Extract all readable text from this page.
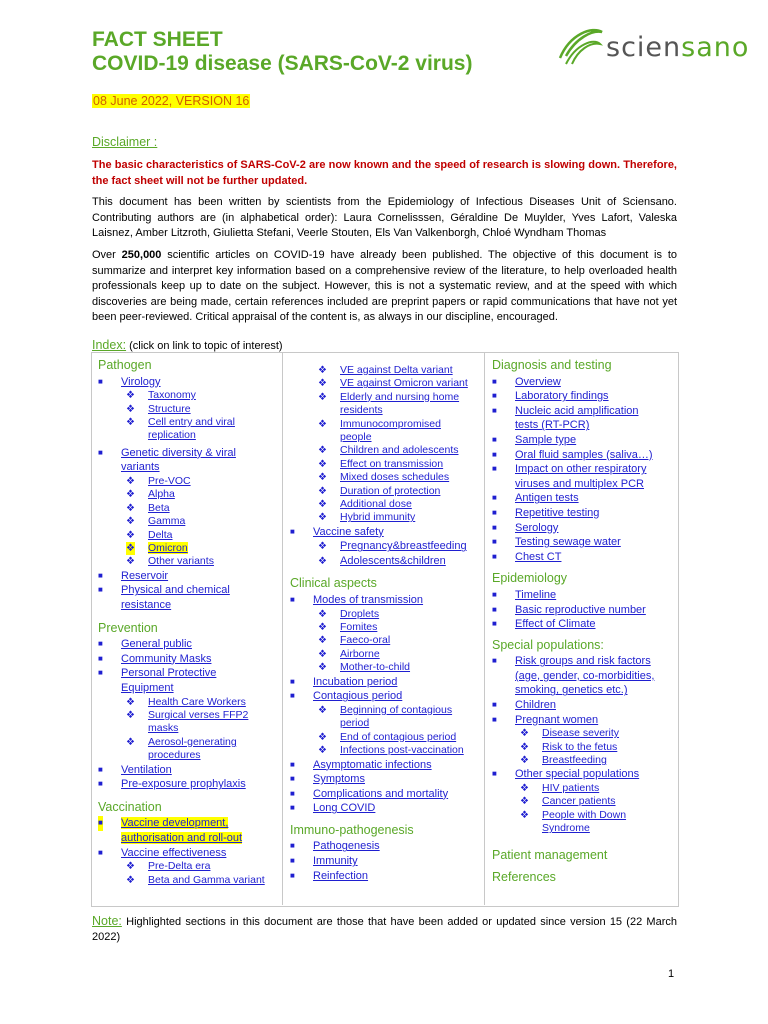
FACT SHEET
COVID-19 disease (SARS-CoV-2 virus)
sciensano
08 June 2022, VERSION 16
Disclaimer :
The basic characteristics of SARS-CoV-2 are now known and the speed of research is slowing down. Therefore, the fact sheet will not be further updated.
This document has been written by scientists from the Epidemiology of Infectious Diseases Unit of Sciensano. Contributing authors are (in alphabetical order): Laura Cornelisssen, Géraldine De Muylder, Yves Lafort, Valeska Laisnez, Amber Litzroth, Giulietta Stefani, Veerle Stouten, Els Van Valkenborgh, Chloé Wyndham Thomas
Over 250,000 scientific articles on COVID-19 have already been published. The objective of this document is to summarize and interpret key information based on a comprehensive review of the literature, to help overloaded health professionals keep up to date on the subject. However, this is not a systematic review, and at the speed with which discoveries are being made, certain references included are preprint papers or rapid communications that have not yet been peer-reviewed. Critical appraisal of the content is, as always in our discipline, encouraged.
Index: (click on link to topic of interest)
Pathogen
■ Virology
❖ Taxonomy
❖ Structure
❖ Cell entry and viral
replication
■ Genetic diversity & viral
variants
❖ Pre-VOC
❖ Alpha
❖ Beta
❖ Gamma
❖ Delta
❖ Omicron
❖ Other variants
■ Reservoir
■ Physical and chemical
resistance
Prevention
■ General public
■ Community Masks
■ Personal Protective
Equipment
❖ Health Care Workers
❖ Surgical verses FFP2
masks
❖ Aerosol-generating
procedures
■ Ventilation
■ Pre-exposure prophylaxis
Vaccination
■ Vaccine development,
authorisation and roll-out
■ Vaccine effectiveness
❖ Pre-Delta era
❖ Beta and Gamma variant
❖ VE against Delta variant
❖ VE against Omicron variant
❖ Elderly and nursing home
residents
❖ Immunocompromised
people
❖ Children and adolescents
❖ Effect on transmission
❖ Mixed doses schedules
❖ Duration of protection
❖ Additional dose
❖ Hybrid immunity
■ Vaccine safety
❖ Pregnancy&breastfeeding
❖ Adolescents&children
Clinical aspects
■ Modes of transmission
❖ Droplets
❖ Fomites
❖ Faeco-oral
❖ Airborne
❖ Mother-to-child
■ Incubation period
■ Contagious period
❖ Beginning of contagious
period
❖ End of contagious period
❖ Infections post-vaccination
■ Asymptomatic infections
■ Symptoms
■ Complications and mortality
■ Long COVID
Immuno-pathogenesis
■ Pathogenesis
■ Immunity
■ Reinfection
Diagnosis and testing
■ Overview
■ Laboratory findings
■ Nucleic acid amplification
tests (RT-PCR)
■ Sample type
■ Oral fluid samples (saliva…)
■ Impact on other respiratory
viruses and multiplex PCR
■ Antigen tests
■ Repetitive testing
■ Serology
■ Testing sewage water
■ Chest CT
Epidemiology
■ Timeline
■ Basic reproductive number
■ Effect of Climate
Special populations:
■ Risk groups and risk factors
(age, gender, co-morbidities,
smoking, genetics etc.)
■ Children
■ Pregnant women
❖ Disease severity
❖ Risk to the fetus
❖ Breastfeeding
■ Other special populations
❖ HIV patients
❖ Cancer patients
❖ People with Down
Syndrome
Patient management
References
Note: Highlighted sections in this document are those that have been added or updated since version 15 (22 March 2022)
1
